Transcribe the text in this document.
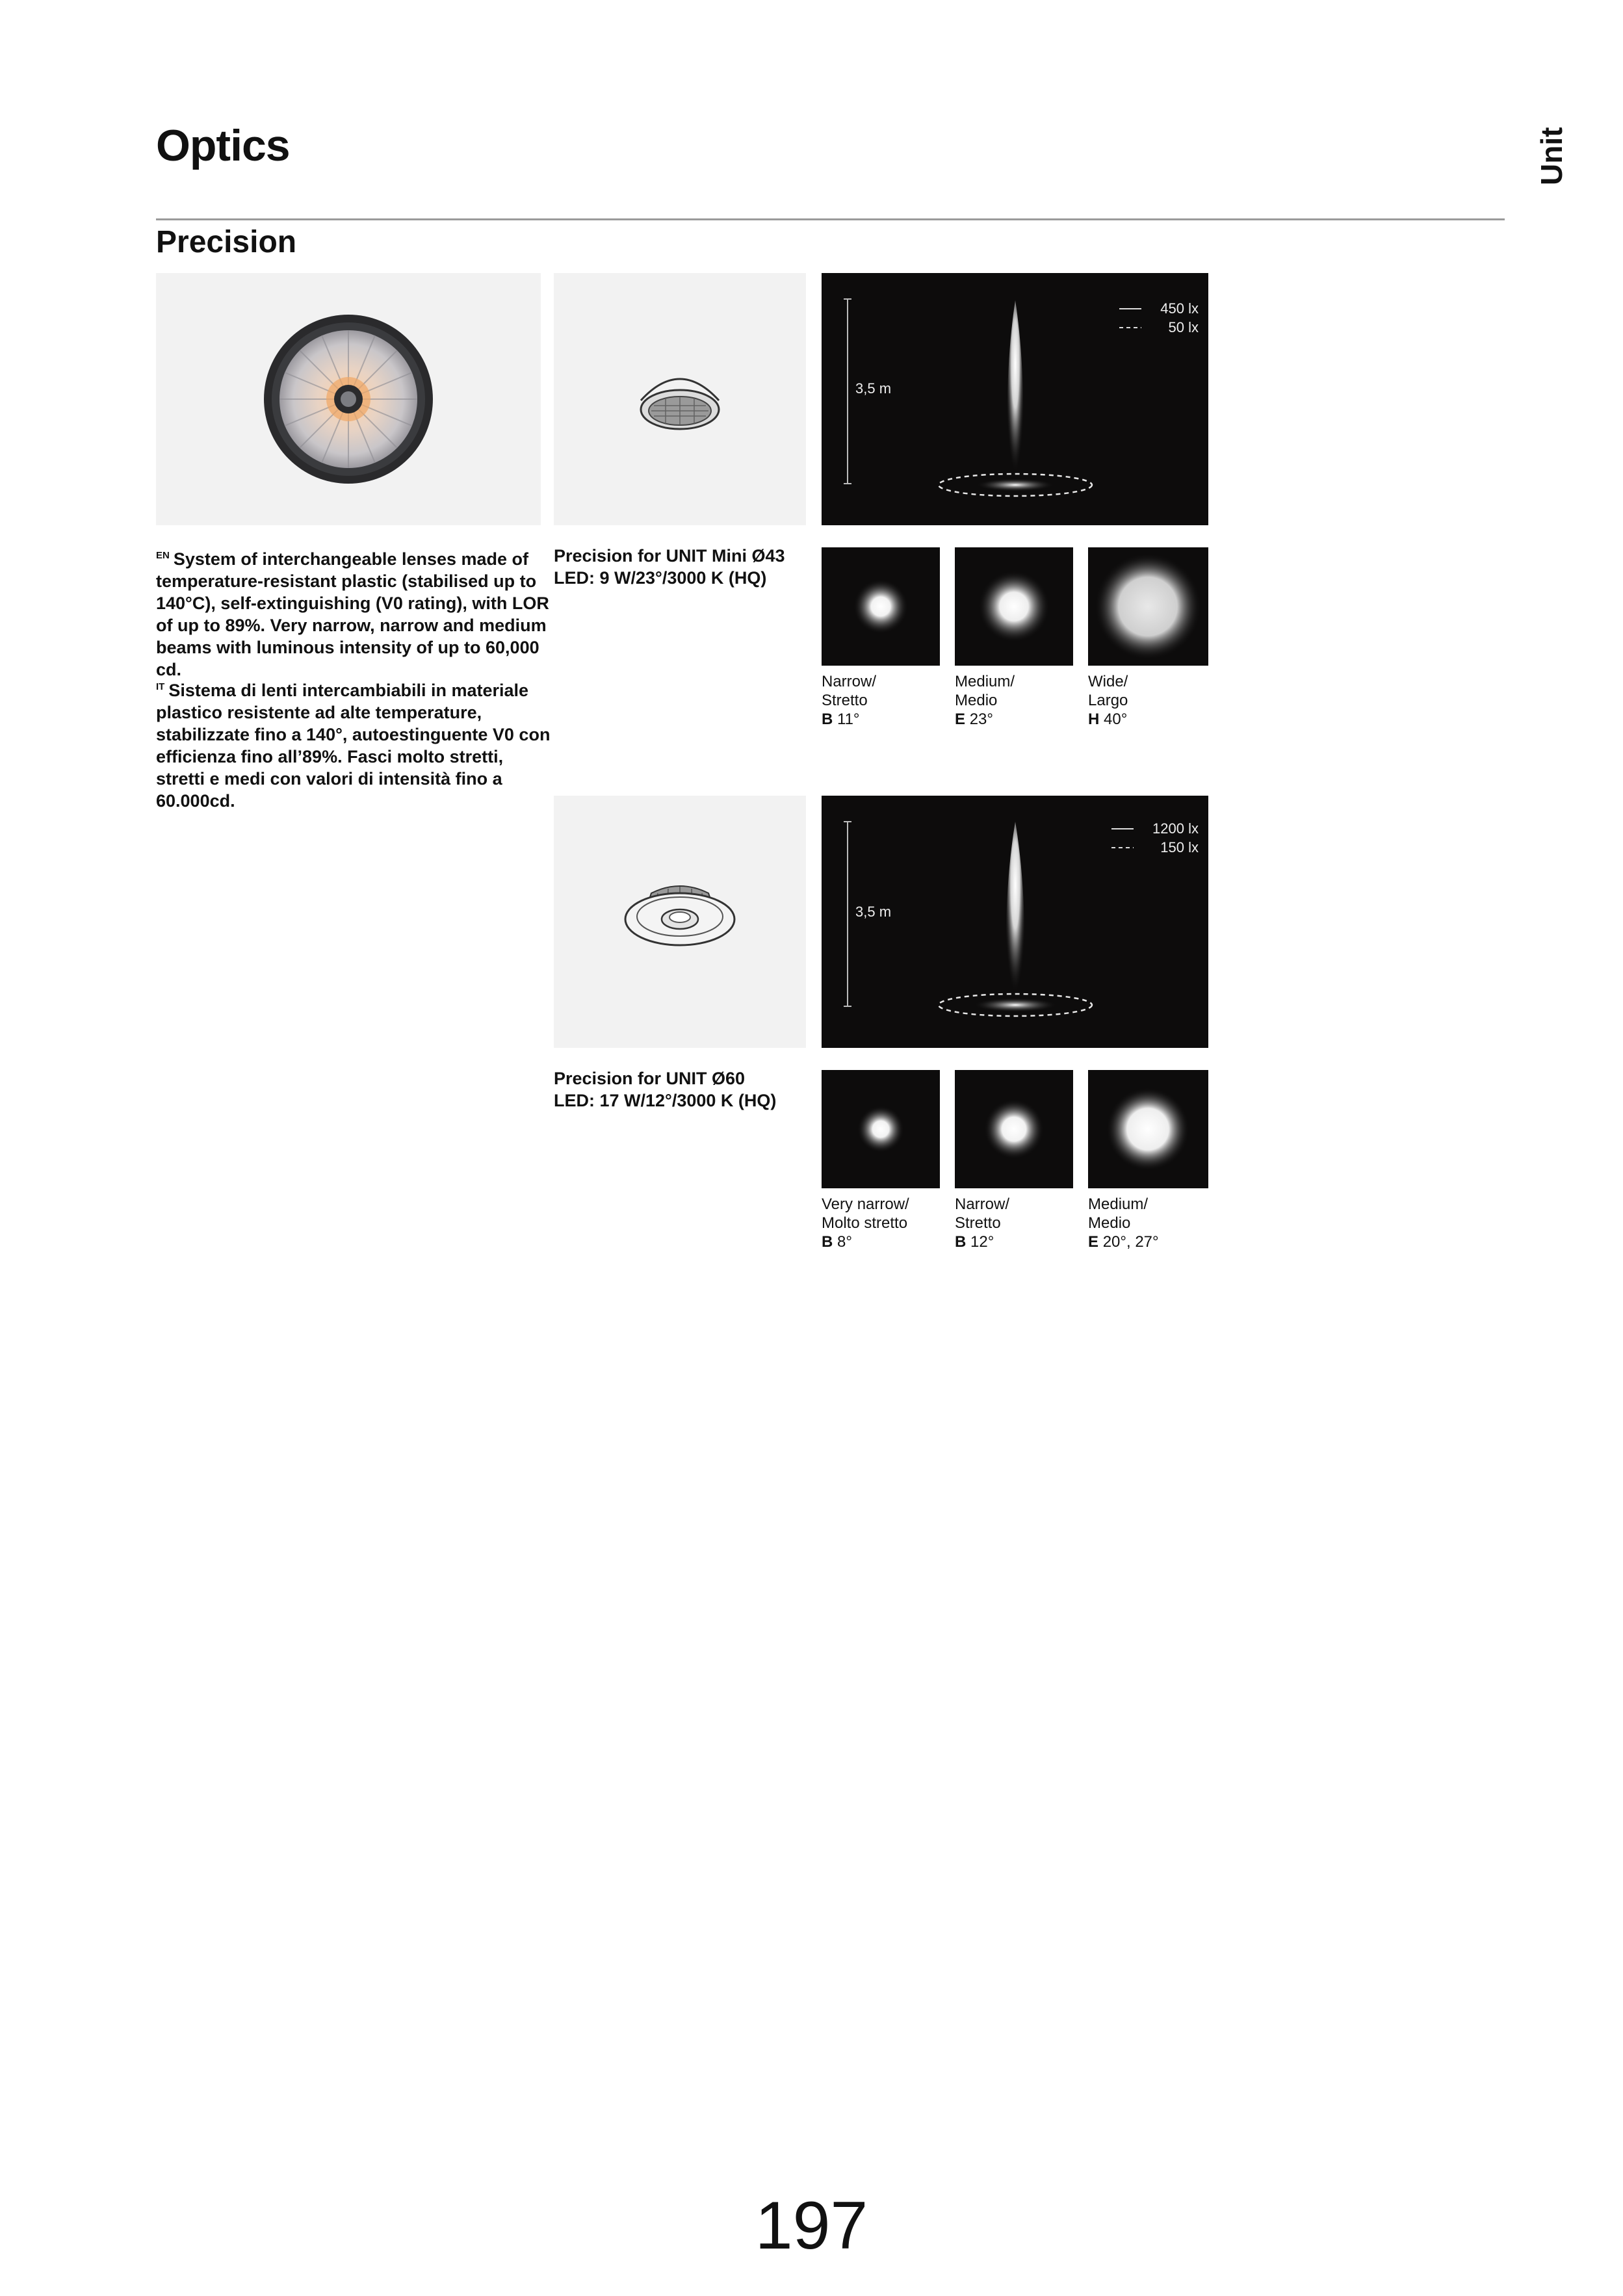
Optics	Unit
Precision
3,5 m
450 lx
50 lx
$^{EN}$ System of interchangeable lenses made of temperature-resistant plastic (stabilised up to 140°C), self-extinguishing (V0 rating), with LOR of up to 89%. Very narrow, narrow and medium beams with luminous intensity of up to 60,000 cd.
$^{IT}$ Sistema di lenti intercambiabili in materiale plastico resistente ad alte temperature, stabilizzate fino a 140°, autoestinguente V0 con efficienza fino all’89%. Fasci molto stretti, stretti e medi con valori di intensità fino a 60.000cd.
Precision for UNIT Mini Ø43
LED: 9 W/23°/3000 K (HQ)
Narrow/
Stretto
B 11°
Medium/
Medio
E 23°
Wide/
Largo
H 40°
3,5 m
1200 lx
150 lx
Precision for UNIT Ø60
LED: 17 W/12°/3000 K (HQ)
Very narrow/
Molto stretto
B 8°
Narrow/
Stretto
B 12°
Medium/
Medio
E 20°, 27°
197
